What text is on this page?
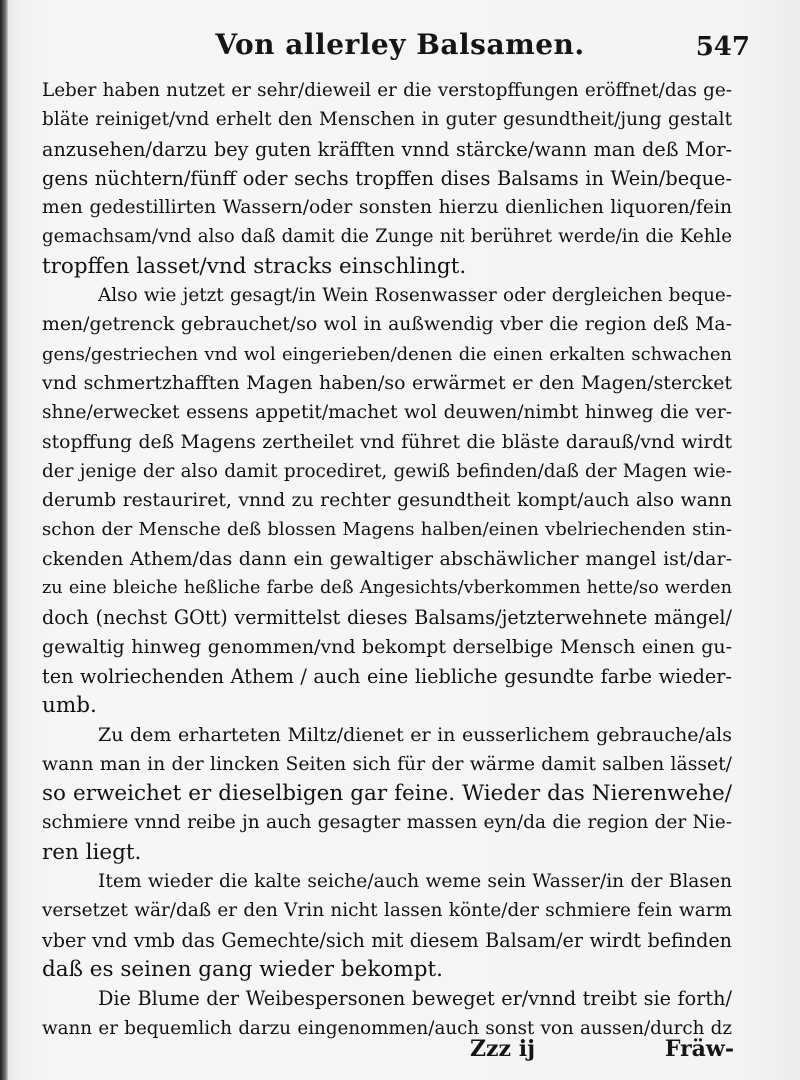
Von allerley Balsamen.	547
Leber haben nutzet er sehr/dieweil er die verstopffungen eröffnet/das ge-
bläte reiniget/vnd erhelt den Menschen in guter gesundtheit/jung gestalt
anzusehen/darzu bey guten kräfften vnnd stärcke/wann man deß Mor-
gens nüchtern/fünff oder sechs tropffen dises Balsams in Wein/beque-
men gedestillirten Wassern/oder sonsten hierzu dienlichen liquoren/fein
gemachsam/vnd also daß damit die Zunge nit berühret werde/in die Kehle
tropffen lasset/vnd stracks einschlingt.
Also wie jetzt gesagt/in Wein Rosenwasser oder dergleichen beque-
men/getrenck gebrauchet/so wol in außwendig vber die region deß Ma-
gens/gestriechen vnd wol eingerieben/denen die einen erkalten schwachen
vnd schmertzhafften Magen haben/so erwärmet er den Magen/stercket
shne/erwecket essens appetit/machet wol deuwen/nimbt hinweg die ver-
stopffung deß Magens zertheilet vnd führet die bläste darauß/vnd wirdt
der jenige der also damit procediret, gewiß befinden/daß der Magen wie-
derumb restauriret, vnnd zu rechter gesundtheit kompt/auch also wann
schon der Mensche deß blossen Magens halben/einen vbelriechenden stin-
ckenden Athem/das dann ein gewaltiger abschäwlicher mangel ist/dar-
zu eine bleiche heßliche farbe deß Angesichts/vberkommen hette/so werden
doch (nechst GOtt) vermittelst dieses Balsams/jetzterwehnete mängel/
gewaltig hinweg genommen/vnd bekompt derselbige Mensch einen gu-
ten wolriechenden Athem / auch eine liebliche gesundte farbe wieder-
umb.
Zu dem erharteten Miltz/dienet er in eusserlichem gebrauche/als
wann man in der lincken Seiten sich für der wärme damit salben lässet/
so erweichet er dieselbigen gar feine. Wieder das Nierenwehe/
schmiere vnnd reibe jn auch gesagter massen eyn/da die region der Nie-
ren liegt.
Item wieder die kalte seiche/auch weme sein Wasser/in der Blasen
versetzet wär/daß er den Vrin nicht lassen könte/der schmiere fein warm
vber vnd vmb das Gemechte/sich mit diesem Balsam/er wirdt befinden
daß es seinen gang wieder bekompt.
Die Blume der Weibespersonen beweget er/vnnd treibt sie forth/
wann er bequemlich darzu eingenommen/auch sonst von aussen/durch dz
Zzz ij	Fräw-
